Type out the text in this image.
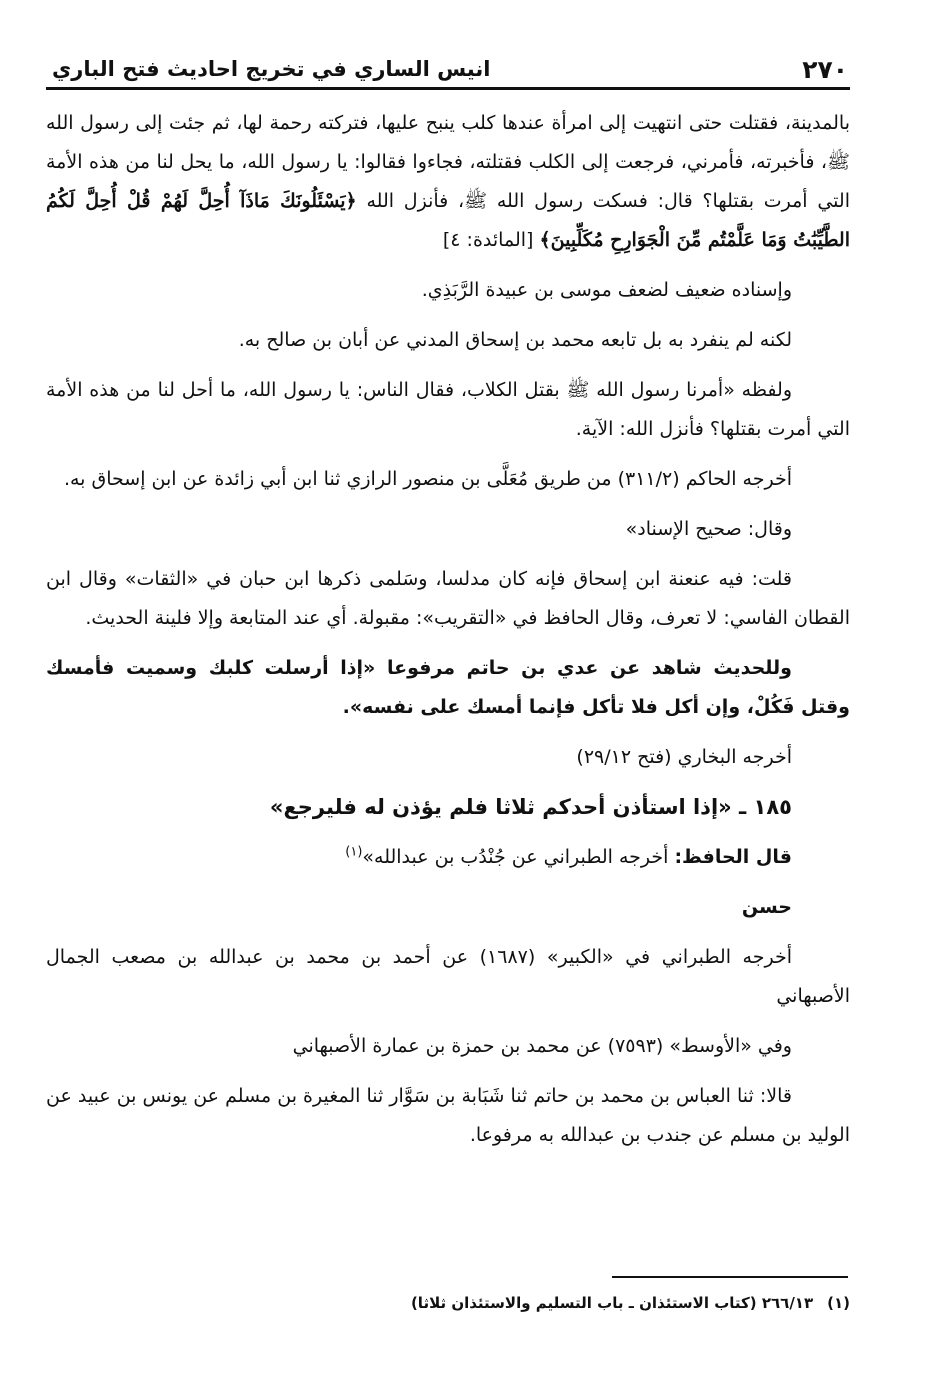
٢٧٠
انيس الساري في تخريج احاديث فتح الباري

بالمدينة، فقتلت حتى انتهيت إلى امرأة عندها كلب ينبح عليها، فتركته رحمة لها، ثم جئت إلى رسول الله ﷺ، فأخبرته، فأمرني، فرجعت إلى الكلب فقتلته، فجاءوا فقالوا: يا رسول الله، ما يحل لنا من هذه الأمة التي أمرت بقتلها؟ قال: فسكت رسول الله ﷺ، فأنزل الله ﴿يَسْئَلُونَكَ مَاذَآ أُحِلَّ لَهُمْ قُلْ أُحِلَّ لَكُمُ الطَّيِّبَٰتُ وَمَا عَلَّمْتُم مِّنَ الْجَوَارِحِ مُكَلِّبِينَ﴾ [المائدة: ٤]

وإسناده ضعيف لضعف موسى بن عبيدة الرَّبَذِي.

لكنه لم ينفرد به بل تابعه محمد بن إسحاق المدني عن أبان بن صالح به.

ولفظه «أمرنا رسول الله ﷺ بقتل الكلاب، فقال الناس: يا رسول الله، ما أحل لنا من هذه الأمة التي أمرت بقتلها؟ فأنزل الله: الآية.

أخرجه الحاكم (٣١١/٢) من طريق مُعَلَّى بن منصور الرازي ثنا ابن أبي زائدة عن ابن إسحاق به.

وقال: صحيح الإسناد»

قلت: فيه عنعنة ابن إسحاق فإنه كان مدلسا، وسَلمى ذكرها ابن حبان في «الثقات» وقال ابن القطان الفاسي: لا تعرف، وقال الحافظ في «التقريب»: مقبولة. أي عند المتابعة وإلا فلينة الحديث.

وللحديث شاهد عن عدي بن حاتم مرفوعا «إذا أرسلت كلبك وسميت فأمسك وقتل فَكُلْ، وإن أكل فلا تأكل فإنما أمسك على نفسه».

أخرجه البخاري (فتح ٢٩/١٢)

١٨٥ ـ «إذا استأذن أحدكم ثلاثا فلم يؤذن له فليرجع»

قال الحافظ: أخرجه الطبراني عن جُنْدُب بن عبدالله»$^{(١)}$

حسن

أخرجه الطبراني في «الكبير» (١٦٨٧) عن أحمد بن محمد بن عبدالله بن مصعب الجمال الأصبهاني

وفي «الأوسط» (٧٥٩٣) عن محمد بن حمزة بن عمارة الأصبهاني

قالا: ثنا العباس بن محمد بن حاتم ثنا شَبَابة بن سَوَّار ثنا المغيرة بن مسلم عن يونس بن عبيد عن الوليد بن مسلم عن جندب بن عبدالله به مرفوعا.

(١)٢٦٦/١٣ (كتاب الاستئذان ـ باب التسليم والاستئذان ثلاثا)
